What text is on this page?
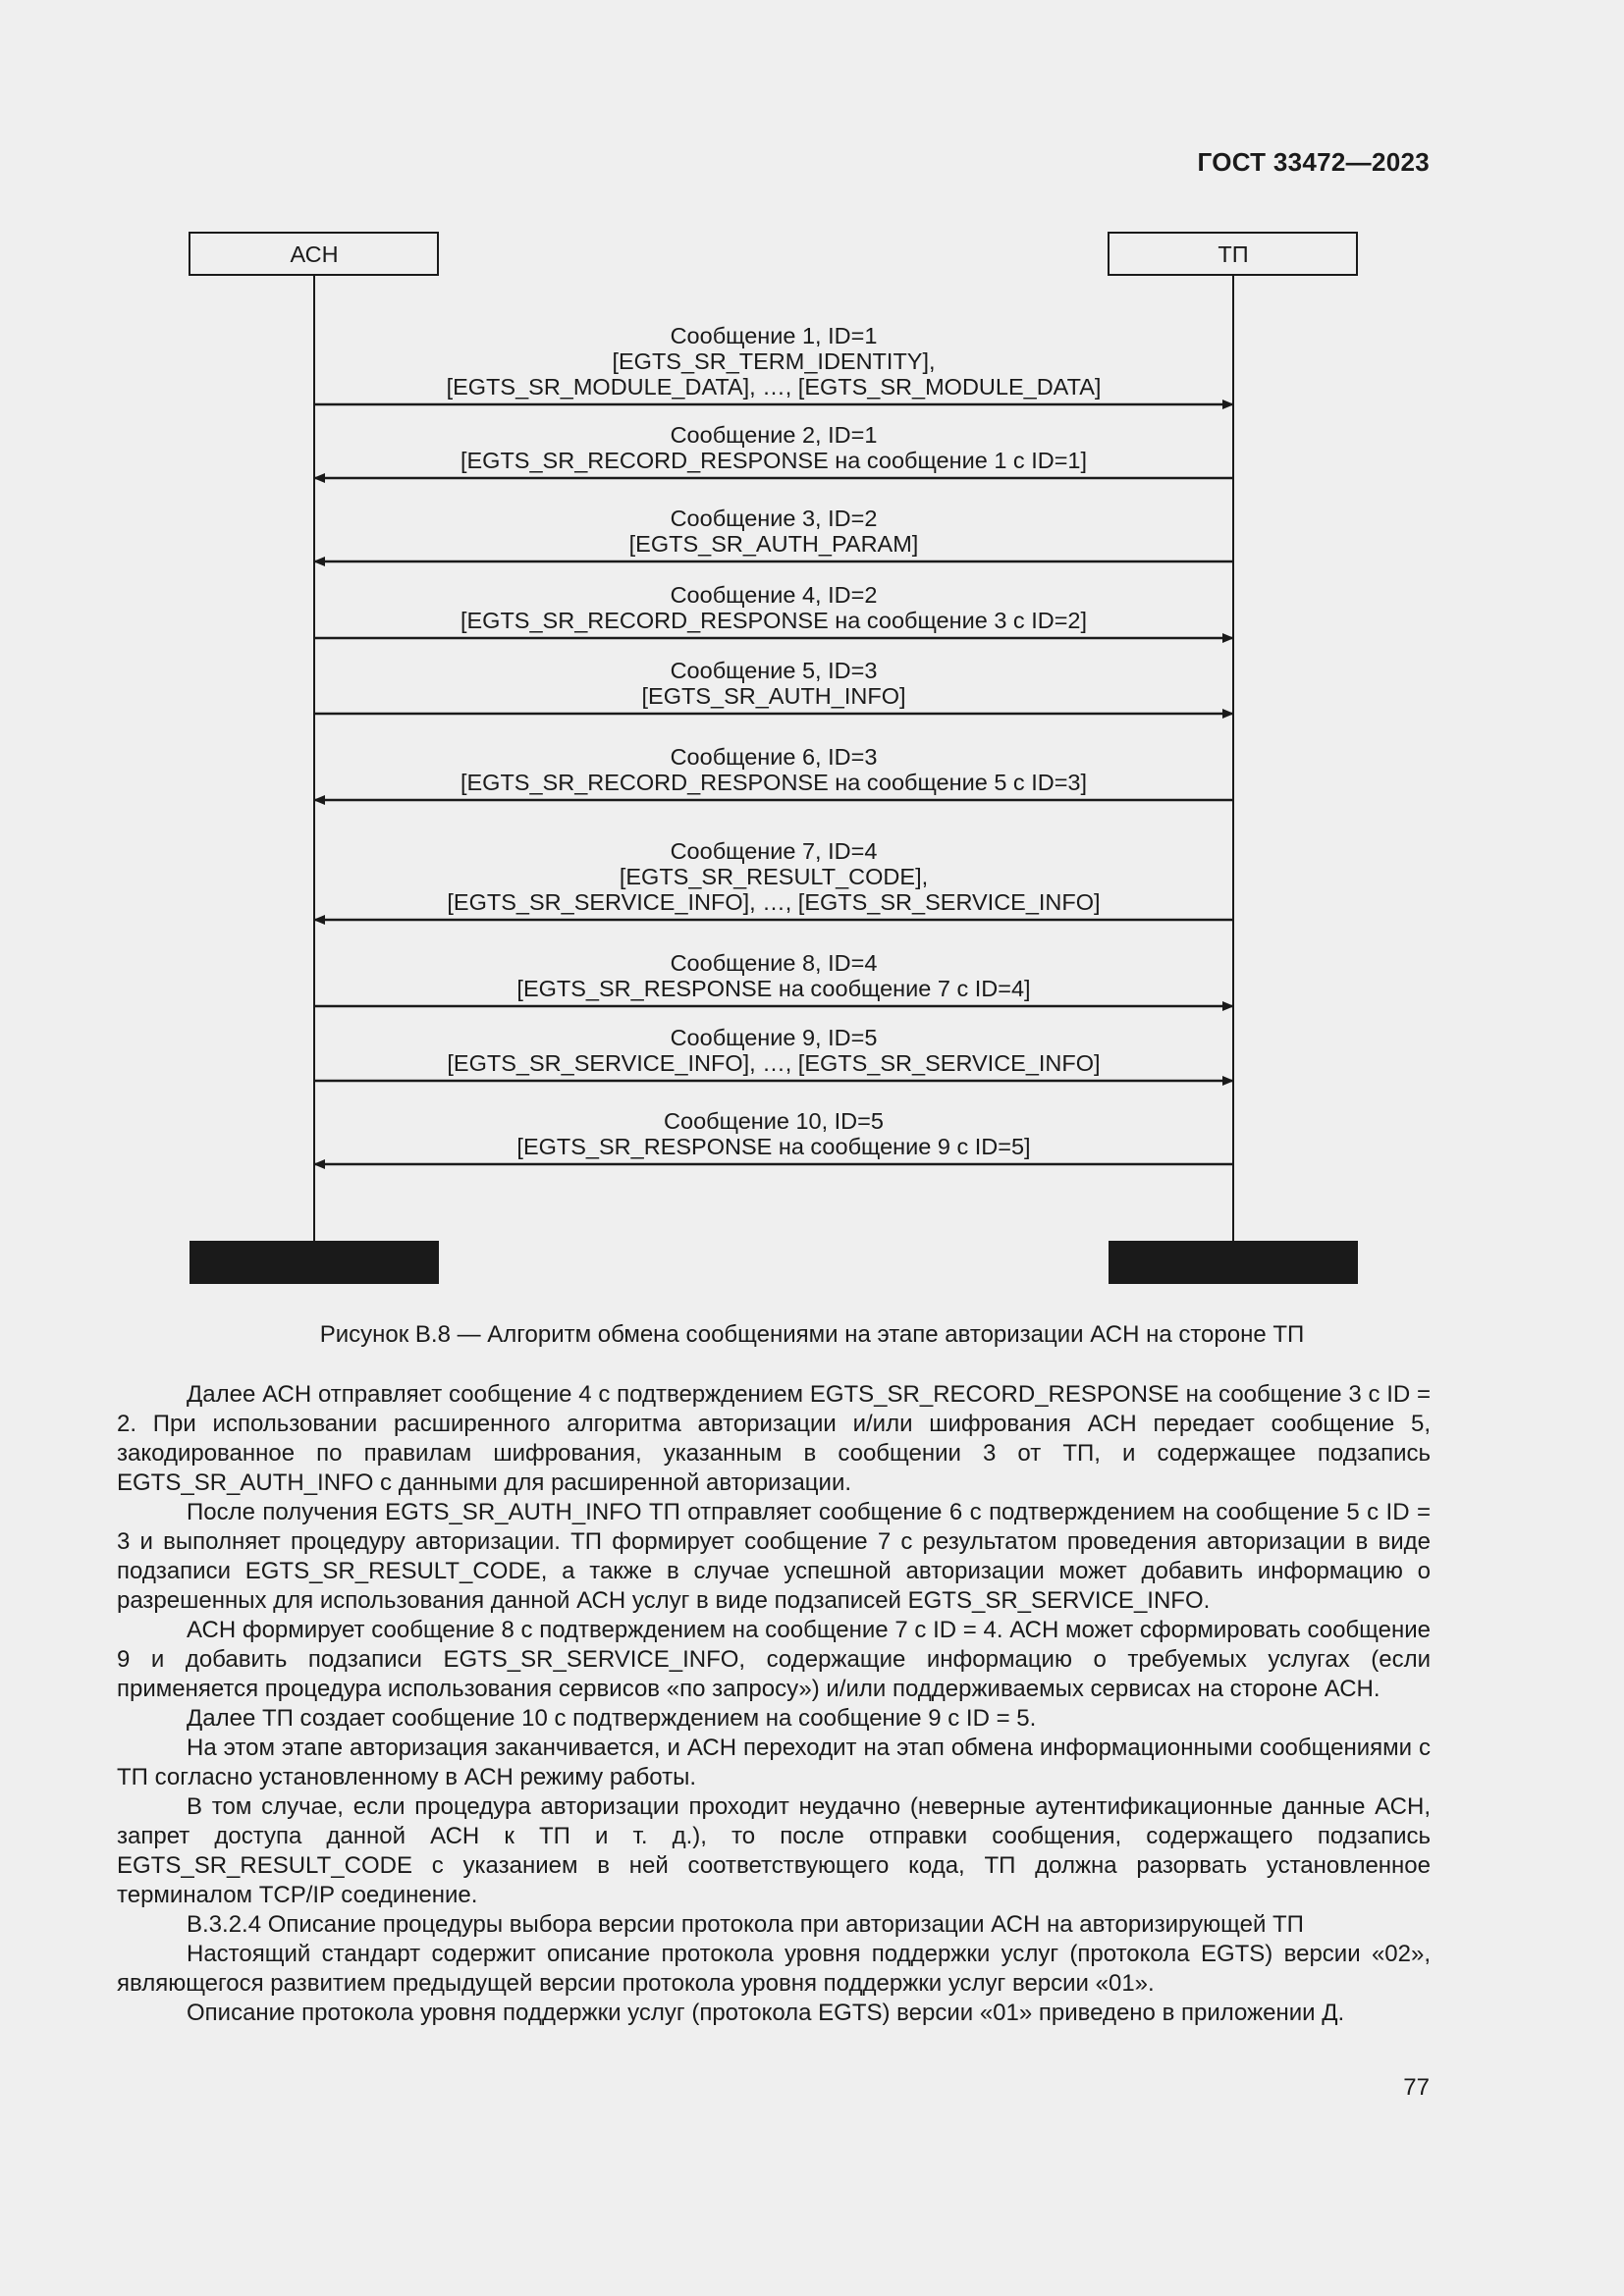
ГОСТ 33472—2023
АСН	ТП
Сообщение 1, ID=1
[EGTS_SR_TERM_IDENTITY],
[EGTS_SR_MODULE_DATA], …, [EGTS_SR_MODULE_DATA]
Сообщение 2, ID=1
[EGTS_SR_RECORD_RESPONSE на сообщение 1 с ID=1]
Сообщение 3, ID=2
[EGTS_SR_AUTH_PARAM]
Сообщение 4, ID=2
[EGTS_SR_RECORD_RESPONSE на сообщение 3 с ID=2]
Сообщение 5, ID=3
[EGTS_SR_AUTH_INFO]
Сообщение 6, ID=3
[EGTS_SR_RECORD_RESPONSE на сообщение 5 с ID=3]
Сообщение 7, ID=4
[EGTS_SR_RESULT_CODE],
[EGTS_SR_SERVICE_INFO], …, [EGTS_SR_SERVICE_INFO]
Сообщение 8, ID=4
[EGTS_SR_RESPONSE на сообщение 7 с ID=4]
Сообщение 9, ID=5
[EGTS_SR_SERVICE_INFO], …, [EGTS_SR_SERVICE_INFO]
Сообщение 10, ID=5
[EGTS_SR_RESPONSE на сообщение 9 с ID=5]
Рисунок В.8 — Алгоритм обмена сообщениями на этапе авторизации АСН на стороне ТП

Далее АСН отправляет сообщение 4 с подтверждением EGTS_SR_RECORD_RESPONSE на сообщение 3 с ID = 2. При использовании расширенного алгоритма авторизации и/или шифрования АСН передает сообщение 5, закодированное по правилам шифрования, указанным в сообщении 3 от ТП, и содержащее подзапись EGTS_SR_AUTH_INFO с данными для расширенной авторизации.

После получения EGTS_SR_AUTH_INFO ТП отправляет сообщение 6 с подтверждением на сообщение 5 с ID = 3 и выполняет процедуру авторизации. ТП формирует сообщение 7 с результатом проведения авторизации в виде подзаписи EGTS_SR_RESULT_CODE, а также в случае успешной авторизации может добавить информацию о разрешенных для использования данной АСН услуг в виде подзаписей EGTS_SR_SERVICE_INFO.

АСН формирует сообщение 8 с подтверждением на сообщение 7 с ID = 4. АСН может сформировать сообщение 9 и добавить подзаписи EGTS_SR_SERVICE_INFO, содержащие информацию о требуемых услугах (если применяется процедура использования сервисов «по запросу») и/или поддерживаемых сервисах на стороне АСН.

Далее ТП создает сообщение 10 с подтверждением на сообщение 9 с ID = 5.

На этом этапе авторизация заканчивается, и АСН переходит на этап обмена информационными сообщениями с ТП согласно установленному в АСН режиму работы.

В том случае, если процедура авторизации проходит неудачно (неверные аутентификационные данные АСН, запрет доступа данной АСН к ТП и т. д.), то после отправки сообщения, содержащего подзапись EGTS_SR_RESULT_CODE с указанием в ней соответствующего кода, ТП должна разорвать установленное терминалом TCP/IP соединение.

В.3.2.4 Описание процедуры выбора версии протокола при авторизации АСН на авторизирующей ТП

Настоящий стандарт содержит описание протокола уровня поддержки услуг (протокола EGTS) версии «02», являющегося развитием предыдущей версии протокола уровня поддержки услуг версии «01».

Описание протокола уровня поддержки услуг (протокола EGTS) версии «01» приведено в приложении Д.

77
